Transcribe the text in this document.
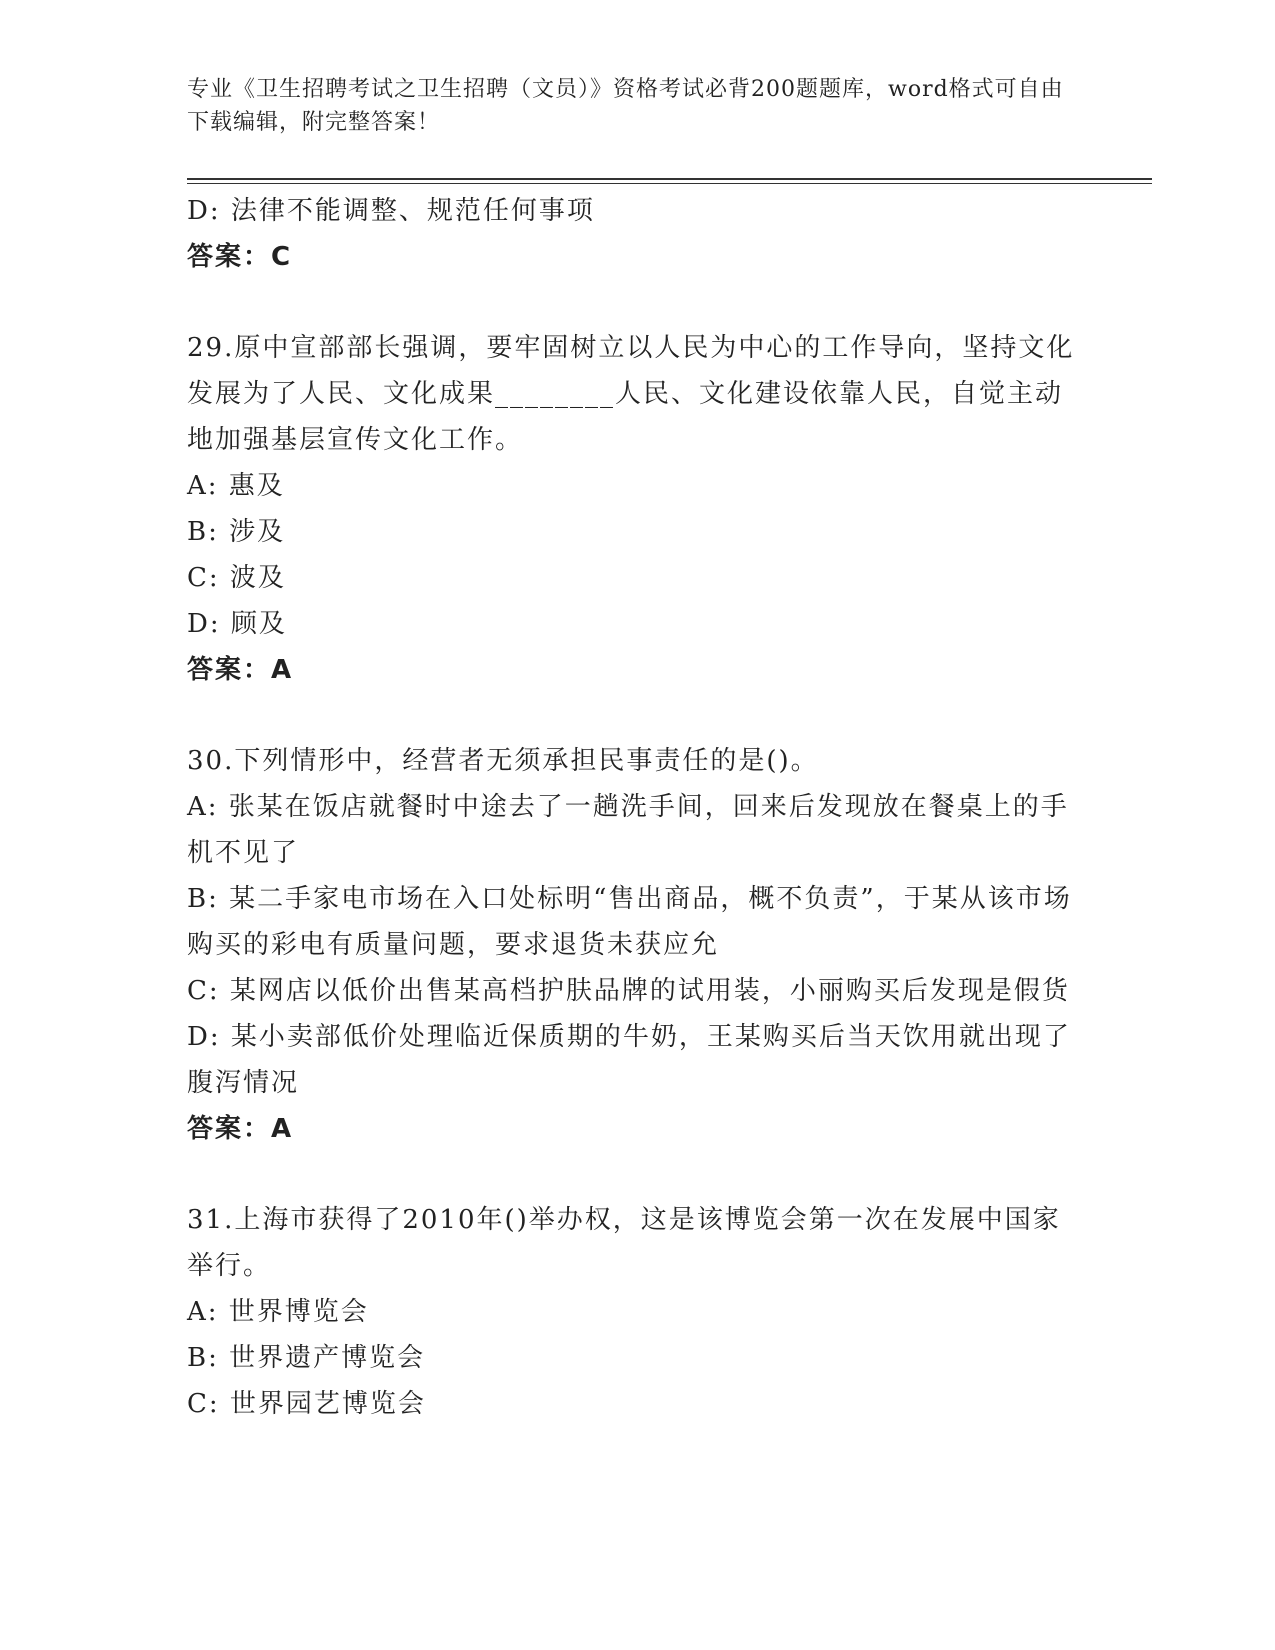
专业《卫生招聘考试之卫生招聘（文员）》资格考试必背200题题库，word格式可自由下载编辑，附完整答案！

D: 法律不能调整、规范任何事项

答案：C

29.原中宣部部长强调，要牢固树立以人民为中心的工作导向，坚持文化发展为了人民、文化成果________人民、文化建设依靠人民，自觉主动地加强基层宣传文化工作。

A: 惠及

B: 涉及

C: 波及

D: 顾及

答案：A

30.下列情形中，经营者无须承担民事责任的是()。

A: 张某在饭店就餐时中途去了一趟洗手间，回来后发现放在餐桌上的手机不见了

B: 某二手家电市场在入口处标明“售出商品，概不负责”，于某从该市场购买的彩电有质量问题，要求退货未获应允

C: 某网店以低价出售某高档护肤品牌的试用装，小丽购买后发现是假货

D: 某小卖部低价处理临近保质期的牛奶，王某购买后当天饮用就出现了腹泻情况

答案：A

31.上海市获得了2010年()举办权，这是该博览会第一次在发展中国家举行。

A: 世界博览会

B: 世界遗产博览会

C: 世界园艺博览会
